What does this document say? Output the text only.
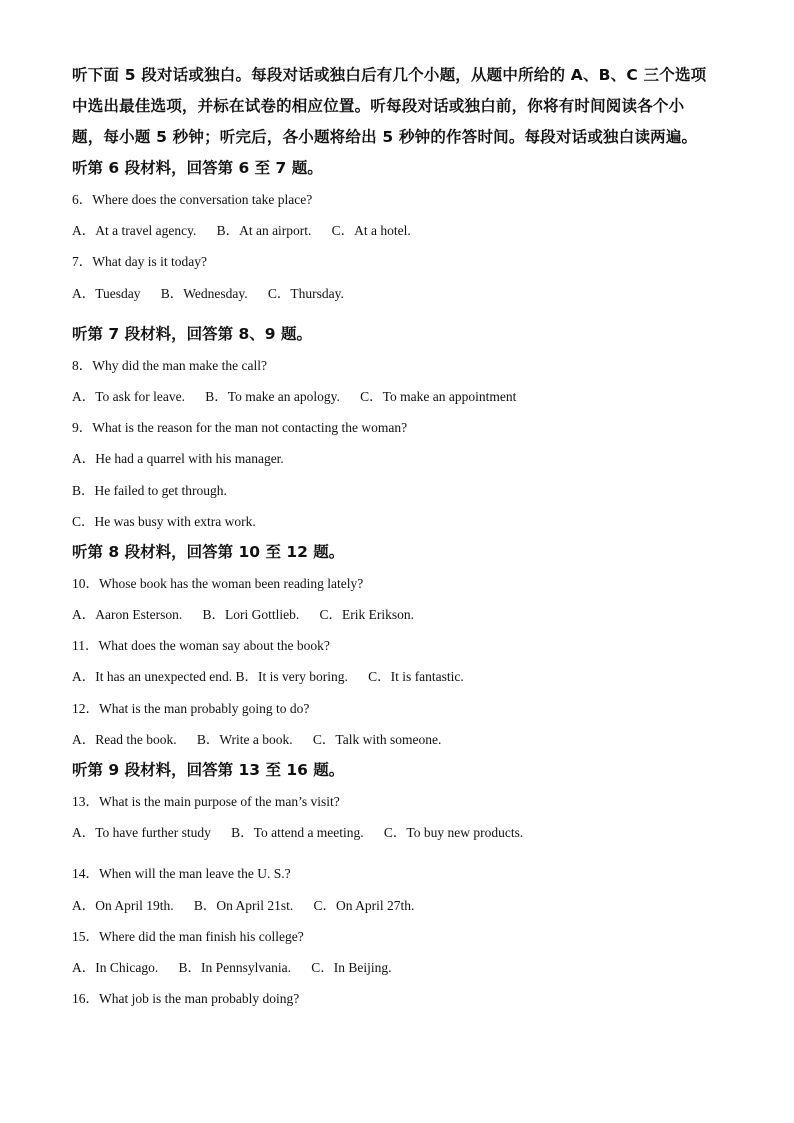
听下面 5 段对话或独白。每段对话或独白后有几个小题，从题中所给的 A、B、C 三个选项
中选出最佳选项，并标在试卷的相应位置。听每段对话或独白前，你将有时间阅读各个小
题，每小题 5 秒钟；听完后，各小题将给出 5 秒钟的作答时间。每段对话或独白读两遍。
听第 6 段材料，回答第 6 至 7 题。
6．Where does the conversation take place?
A．At a travel agency.      B．At an airport.      C．At a hotel.
7．What day is it today?
A．Tuesday      B．Wednesday.      C．Thursday.
听第 7 段材料，回答第 8、9 题。
8．Why did the man make the call?
A．To ask for leave.      B．To make an apology.      C．To make an appointment
9．What is the reason for the man not contacting the woman?
A．He had a quarrel with his manager.
B．He failed to get through.
C．He was busy with extra work.
听第 8 段材料，回答第 10 至 12 题。
10．Whose book has the woman been reading lately?
A．Aaron Esterson.      B．Lori Gottlieb.      C．Erik Erikson.
11．What does the woman say about the book?
A．It has an unexpected end. B．It is very boring.      C．It is fantastic.
12．What is the man probably going to do?
A．Read the book.      B．Write a book.      C．Talk with someone.
听第 9 段材料，回答第 13 至 16 题。
13．What is the main purpose of the man’s visit?
A．To have further study      B．To attend a meeting.      C．To buy new products.
14．When will the man leave the U. S.?
A．On April 19th.      B．On April 21st.      C．On April 27th.
15．Where did the man finish his college?
A．In Chicago.      B．In Pennsylvania.      C．In Beijing.
16．What job is the man probably doing?
